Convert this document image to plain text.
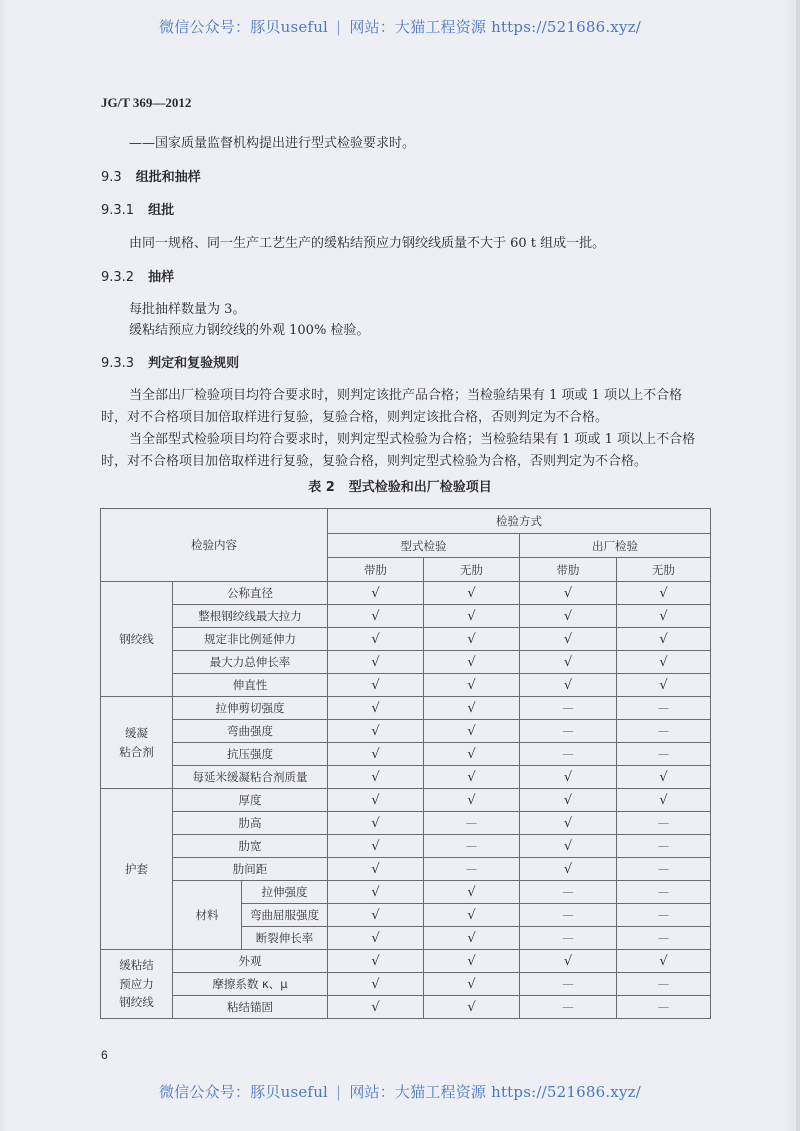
微信公众号：豚贝useful | 网站：大猫工程资源 https://521686.xyz/
JG/T 369—2012
——国家质量监督机构提出进行型式检验要求时。
9.3 组批和抽样
9.3.1 组批
由同一规格、同一生产工艺生产的缓粘结预应力钢绞线质量不大于 60 t 组成一批。
9.3.2 抽样
每批抽样数量为 3。
缓粘结预应力钢绞线的外观 100% 检验。
9.3.3 判定和复验规则
当全部出厂检验项目均符合要求时，则判定该批产品合格；当检验结果有 1 项或 1 项以上不合格
时，对不合格项目加倍取样进行复验，复验合格，则判定该批合格，否则判定为不合格。
当全部型式检验项目均符合要求时，则判定型式检验为合格；当检验结果有 1 项或 1 项以上不合格
时，对不合格项目加倍取样进行复验，复验合格，则判定型式检验为合格，否则判定为不合格。
表 2 型式检验和出厂检验项目
检验内容			检验方式			
			型式检验		出厂检验	
			带肋	无肋	带肋	无肋
钢绞线	公称直径		√	√	√	√
	整根钢绞线最大拉力		√	√	√	√
	规定非比例延伸力		√	√	√	√
	最大力总伸长率		√	√	√	√
	伸直性		√	√	√	√

缓凝
粘合剂	拉伸剪切强度		√	√	—	—
	弯曲强度		√	√	—	—
	抗压强度		√	√	—	—
	每延米缓凝粘合剂质量		√	√	√	√
护套	厚度		√	√	√	√
	肋高		√	—	√	—
	肋宽		√	—	√	—
	肋间距		√	—	√	—
	材料	拉伸强度	√	√	—	—
		弯曲屈服强度	√	√	—	—
		断裂伸长率	√	√	—	—

缓粘结
预应力
钢绞线	外观		√	√	√	√
	摩擦系数 κ、μ		√	√	—	—
	粘结锚固		√	√	—	—
6
微信公众号：豚贝useful | 网站：大猫工程资源 https://521686.xyz/
